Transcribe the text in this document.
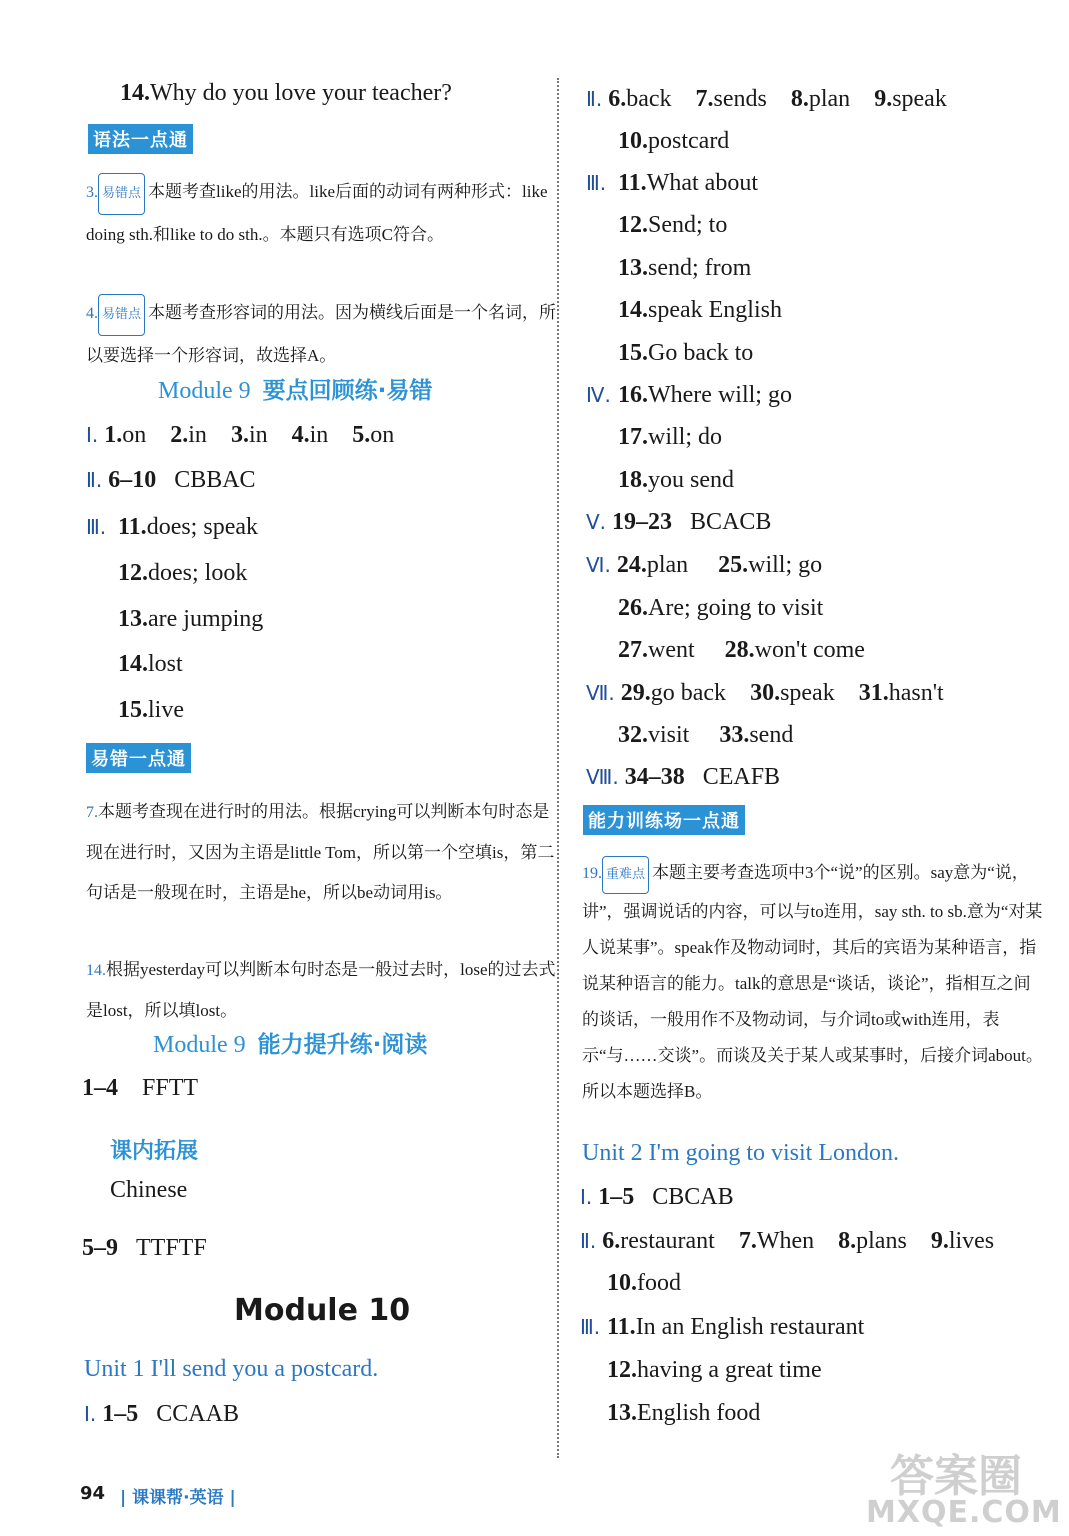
14.Why do you love your teacher?
语法一点通
3. 易错点 本题考查like的用法。like后面的动词有两种形式：like doing sth.和like to do sth.。本题只有选项C符合。
4. 易错点 本题考查形容词的用法。因为横线后面是一个名词，所以要选择一个形容词，故选择A。
Module 9 要点回顾练·易错
Ⅰ. 1.on 2.in 3.in 4.in 5.on
Ⅱ. 6–10 CBBAC
Ⅲ. 11.does; speak
12.does; look
13.are jumping
14.lost
15.live
易错一点通
7.本题考查现在进行时的用法。根据crying可以判断本句时态是现在进行时，又因为主语是little Tom，所以第一个空填is，第二句话是一般现在时，主语是he，所以be动词用is。
14.根据yesterday可以判断本句时态是一般过去时，lose的过去式是lost，所以填lost。
Module 9 能力提升练·阅读
1–4 FFTT
课内拓展
Chinese
5–9 TTFTF
Module 10
Unit 1 I'll send you a postcard.
Ⅰ. 1–5 CCAAB
Ⅱ. 6.back 7.sends 8.plan 9.speak
10.postcard
Ⅲ. 11.What about
12.Send; to
13.send; from
14.speak English
15.Go back to
Ⅳ. 16.Where will; go
17.will; do
18.you send
Ⅴ. 19–23 BCACB
Ⅵ. 24.plan 25.will; go
26.Are; going to visit
27.went 28.won't come
Ⅶ. 29.go back 30.speak 31.hasn't
32.visit 33.send
Ⅷ. 34–38 CEAFB
能力训练场一点通
19. 重难点 本题主要考查选项中3个“说”的区别。say意为“说，讲”，强调说话的内容，可以与to连用，say sth. to sb.意为“对某人说某事”。speak作及物动词时，其后的宾语为某种语言，指说某种语言的能力。talk的意思是“谈话，谈论”，指相互之间的谈话，一般用作不及物动词，与介词to或with连用，表示“与……交谈”。而谈及关于某人或某事时，后接介词about。所以本题选择B。
Unit 2 I'm going to visit London.
Ⅰ. 1–5 CBCAB
Ⅱ. 6.restaurant 7.When 8.plans 9.lives
10.food
Ⅲ. 11.In an English restaurant
12.having a great time
13.English food
94 | 课课帮·英语 |	答案圈
MXQE.COM
